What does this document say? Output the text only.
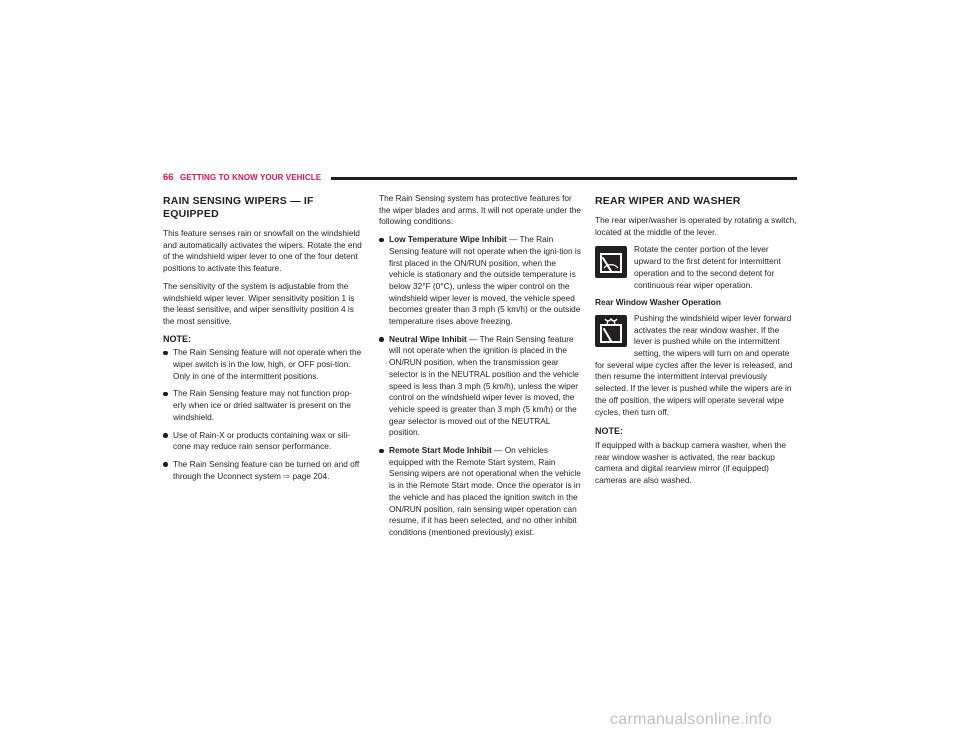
66 GETTING TO KNOW YOUR VEHICLE
RAIN SENSING WIPERS — IF EQUIPPED

This feature senses rain or snowfall on the windshield and automatically activates the wipers. Rotate the end of the windshield wiper lever to one of the four detent positions to activate this feature.

The sensitivity of the system is adjustable from the windshield wiper lever. Wiper sensitivity position 1 is the least sensitive, and wiper sensitivity position 4 is the most sensitive.

NOTE:
The Rain Sensing feature will not operate when the wiper switch is in the low, high, or OFF posi-tion. Only in one of the intermittent positions.
The Rain Sensing feature may not function prop-erly when ice or dried saltwater is present on the windshield.
Use of Rain-X or products containing wax or sili-cone may reduce rain sensor performance.
The Rain Sensing feature can be turned on and off through the Uconnect system ⇨ page 204.

The Rain Sensing system has protective features for the wiper blades and arms. It will not operate under the following conditions:

Low Temperature Wipe Inhibit — The Rain Sensing feature will not operate when the igni-tion is first placed in the ON/RUN position, when the vehicle is stationary and the outside temperature is below 32°F (0°C), unless the wiper control on the windshield wiper lever is moved, the vehicle speed becomes greater than 3 mph (5 km/h) or the outside temperature rises above freezing.
Neutral Wipe Inhibit — The Rain Sensing feature will not operate when the ignition is placed in the ON/RUN position, when the transmission gear selector is in the NEUTRAL position and the vehicle speed is less than 3 mph (5 km/h), unless the wiper control on the windshield wiper lever is moved, the vehicle speed is greater than 3 mph (5 km/h) or the gear selector is moved out of the NEUTRAL position.
Remote Start Mode Inhibit — On vehicles equipped with the Remote Start system, Rain Sensing wipers are not operational when the vehicle is in the Remote Start mode. Once the operator is in the vehicle and has placed the ignition switch in the ON/RUN position, rain sensing wiper operation can resume, if it has been selected, and no other inhibit conditions (mentioned previously) exist.
REAR WIPER AND WASHER

The rear wiper/washer is operated by rotating a switch, located at the middle of the lever.

Rotate the center portion of the lever upward to the first detent for intermittent operation and to the second detent for continuous rear wiper operation.
Rear Window Washer Operation
Pushing the windshield wiper lever forward activates the rear window washer. If the lever is pushed while on the intermittent setting, the wipers will turn on and operate for several wipe cycles after the lever is released, and then resume the intermittent interval previously selected. If the lever is pushed while the wipers are in the off position, the wipers will operate several wipe cycles, then turn off.
NOTE:

If equipped with a backup camera washer, when the rear window washer is activated, the rear backup camera and digital rearview mirror (if equipped) cameras are also washed.

carmanualsonline.info
